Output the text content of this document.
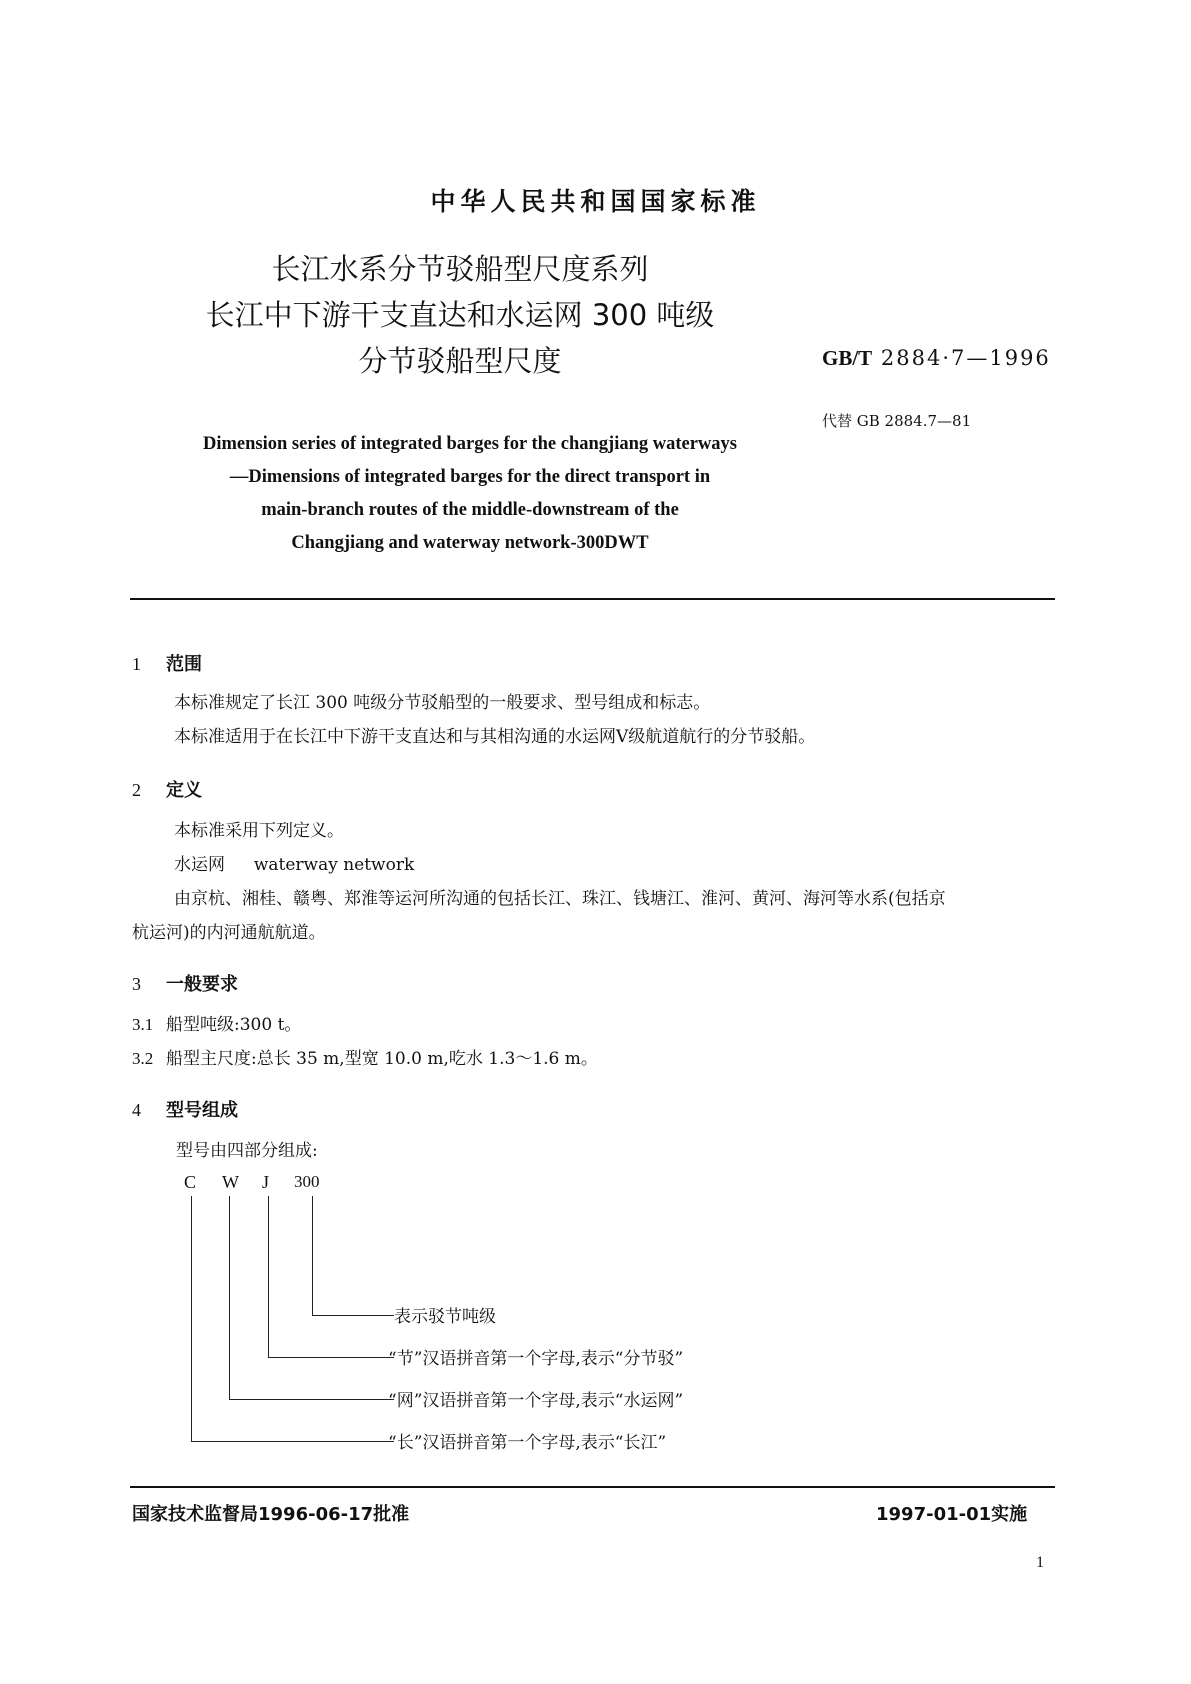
中华人民共和国国家标准
长江水系分节驳船型尺度系列
长江中下游干支直达和水运网 300 吨级
分节驳船型尺度	GB/T 2884·7—1996
代替 GB 2884.7—81
Dimension series of integrated barges for the changjiang waterways
—Dimensions of integrated barges for the direct transport in
main-branch routes of the middle-downstream of the
Changjiang and waterway network-300DWT
1 范围
本标准规定了长江 300 吨级分节驳船型的一般要求、型号组成和标志。
本标准适用于在长江中下游干支直达和与其相沟通的水运网Ⅴ级航道航行的分节驳船。
2 定义
本标准采用下列定义。
水运网 waterway network
由京杭、湘桂、赣粤、郑淮等运河所沟通的包括长江、珠江、钱塘江、淮河、黄河、海河等水系(包括京
杭运河)的内河通航航道。
3 一般要求
3.1 船型吨级:300 t。
3.2 船型主尺度:总长 35 m,型宽 10.0 m,吃水 1.3～1.6 m。
4 型号组成
型号由四部分组成:
C W J 300
表示驳节吨级
“节”汉语拼音第一个字母,表示“分节驳”
“网”汉语拼音第一个字母,表示“水运网”
“长”汉语拼音第一个字母,表示“长江”
国家技术监督局1996-06-17批准	1997-01-01实施
1
